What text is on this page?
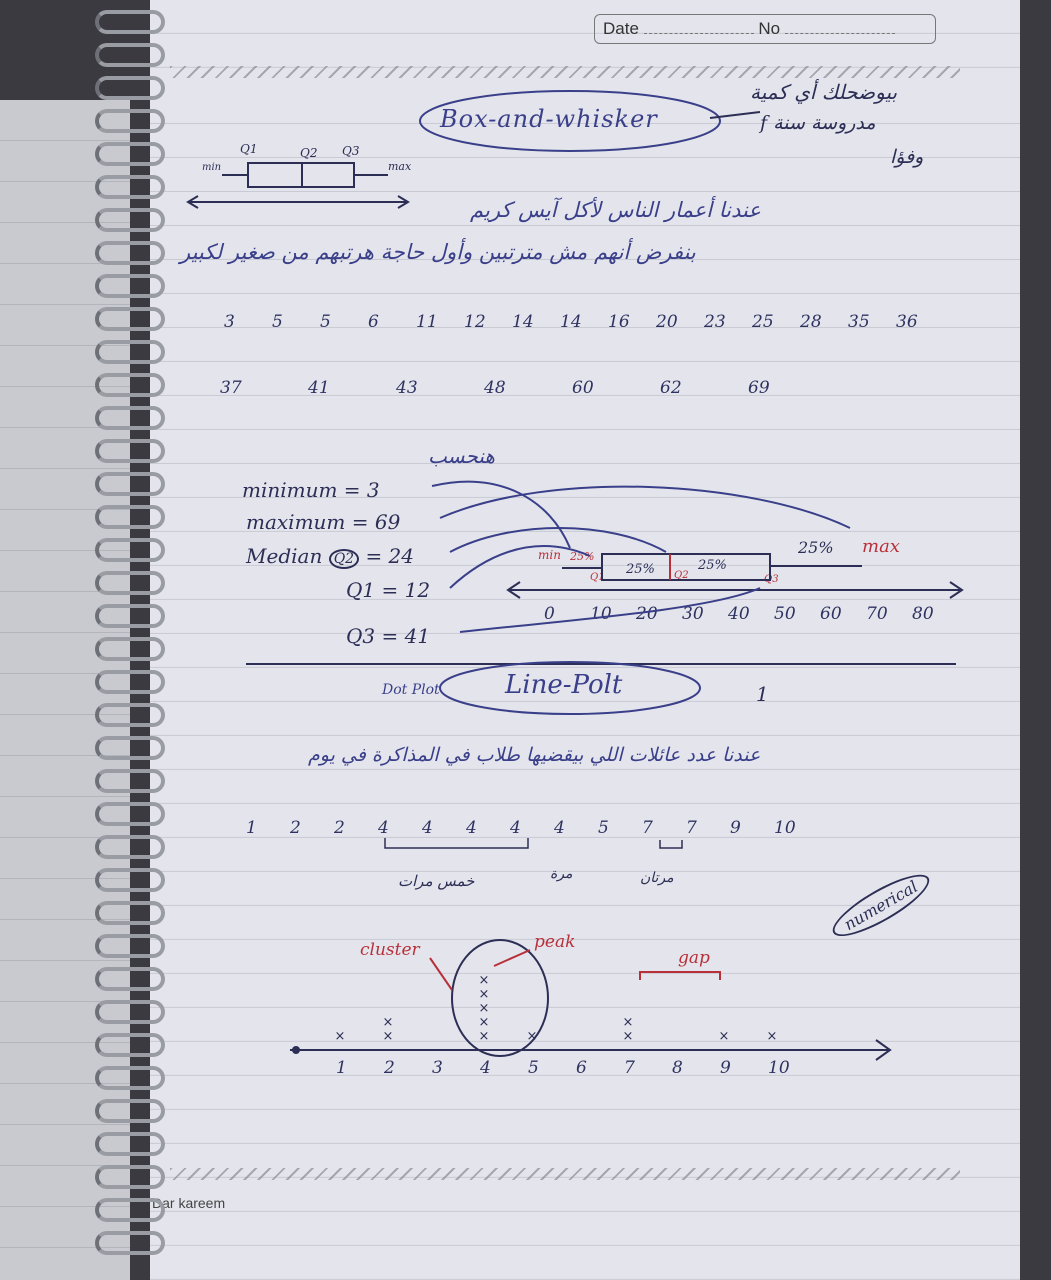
Date	No
Box-and-whisker
بيوضحلك أي كمية
مدروسة سنة f
وفؤا
min
Q1	Q2 Q3
max
عندنا أعمار الناس لأكل آيس كريم
بنفرض أنهم مش مترتبين وأول حاجة هرتبهم من صغير لكبير
3 5 5 6 11 12 14 14 16 20 23 25 28 35 36
37	41	43	48	60	62	69
هنحسب
minimum = 3
maximum = 69
Median Q2 = 24
Q1 = 12
Q3 = 41
min 25%
25%	25%
25% max
Q1	Q2	Q3
0 10 20 30 40 50 60 70 80
Line-Polt
Dot Plot	1
عندنا عدد عائلات اللي بيقضيها طلاب في المذاكرة في يوم
1 2 2 4 4 4 4 4 5 7 7 9 10
خمس مرات	مرة	مرتان	numerical
cluster	peak
gap
1 2 3 4 5 6 7 8 9 10
×	×
×
×
×
×
×
×
×	×
×
×	×
Dar kareem
